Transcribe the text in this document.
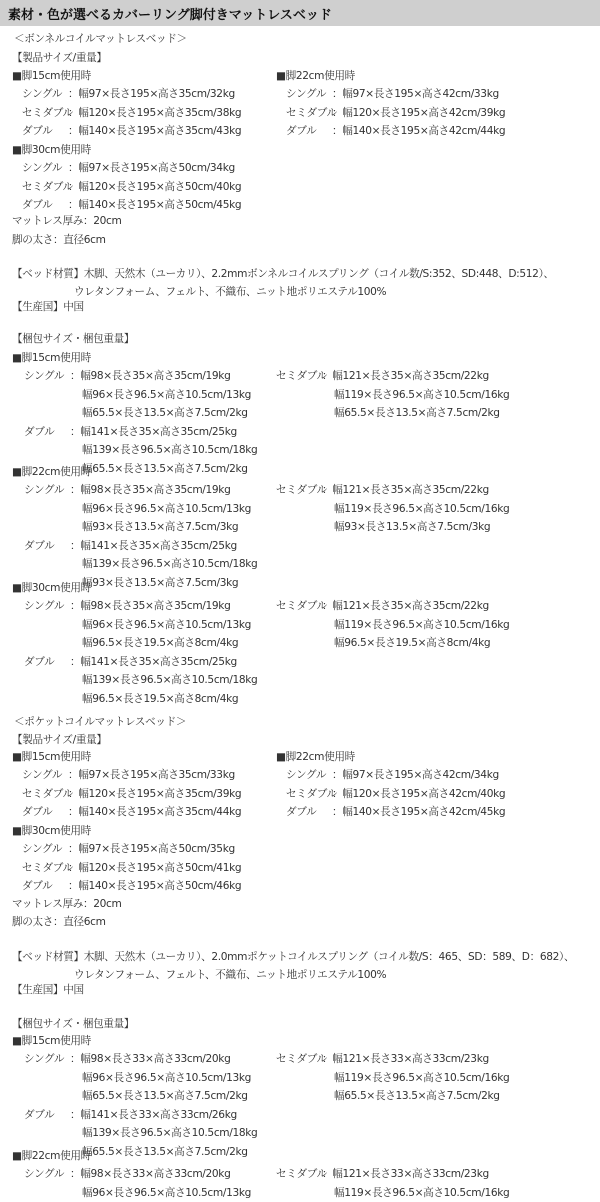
素材・色が選べるカバーリング脚付きマットレスベッド
＜ボンネルコイルマットレスベッド＞
【製品サイズ/重量】
■脚15cm使用時
シングル ：幅97×長さ195×高さ35cm/32kg
セミダブル
：幅120×長さ195×高さ35cm/38kg
ダブル ：幅140×長さ195×高さ35cm/43kg
■脚22cm使用時
シングル ：幅97×長さ195×高さ42cm/33kg
セミダブル
：幅120×長さ195×高さ42cm/39kg
ダブル ：幅140×長さ195×高さ42cm/44kg
■脚30cm使用時
シングル ：幅97×長さ195×高さ50cm/34kg
セミダブル
：幅120×長さ195×高さ50cm/40kg
ダブル ：幅140×長さ195×高さ50cm/45kg
マットレス厚み：20cm
脚の太さ：直径6cm
【ベッド材質】木脚、天然木（ユーカリ）、2.2mmボンネルコイルスプリング（コイル数/S:352、SD:448、D:512）、
ウレタンフォーム、フェルト、不織布、ニット地ポリエステル100%
【生産国】中国
【梱包サイズ・梱包重量】
■脚15cm使用時
シングル ：幅98×長さ35×高さ35cm/19kg
幅96×長さ96.5×高さ10.5cm/13kg
幅65.5×長さ13.5×高さ7.5cm/2kg
セミダブル
：幅121×長さ35×高さ35cm/22kg
幅119×長さ96.5×高さ10.5cm/16kg
幅65.5×長さ13.5×高さ7.5cm/2kg
ダブル ：幅141×長さ35×高さ35cm/25kg
幅139×長さ96.5×高さ10.5cm/18kg
幅65.5×長さ13.5×高さ7.5cm/2kg
■脚22cm使用時
シングル ：幅98×長さ35×高さ35cm/19kg
幅96×長さ96.5×高さ10.5cm/13kg
幅93×長さ13.5×高さ7.5cm/3kg
セミダブル
：幅121×長さ35×高さ35cm/22kg
幅119×長さ96.5×高さ10.5cm/16kg
幅93×長さ13.5×高さ7.5cm/3kg
ダブル ：幅141×長さ35×高さ35cm/25kg
幅139×長さ96.5×高さ10.5cm/18kg
幅93×長さ13.5×高さ7.5cm/3kg
■脚30cm使用時
シングル ：幅98×長さ35×高さ35cm/19kg
幅96×長さ96.5×高さ10.5cm/13kg
幅96.5×長さ19.5×高さ8cm/4kg
セミダブル
：幅121×長さ35×高さ35cm/22kg
幅119×長さ96.5×高さ10.5cm/16kg
幅96.5×長さ19.5×高さ8cm/4kg
ダブル ：幅141×長さ35×高さ35cm/25kg
幅139×長さ96.5×高さ10.5cm/18kg
幅96.5×長さ19.5×高さ8cm/4kg
＜ポケットコイルマットレスベッド＞
【製品サイズ/重量】
■脚15cm使用時
シングル ：幅97×長さ195×高さ35cm/33kg
セミダブル
：幅120×長さ195×高さ35cm/39kg
ダブル ：幅140×長さ195×高さ35cm/44kg
■脚22cm使用時
シングル ：幅97×長さ195×高さ42cm/34kg
セミダブル
：幅120×長さ195×高さ42cm/40kg
ダブル ：幅140×長さ195×高さ42cm/45kg
■脚30cm使用時
シングル ：幅97×長さ195×高さ50cm/35kg
セミダブル
：幅120×長さ195×高さ50cm/41kg
ダブル ：幅140×長さ195×高さ50cm/46kg
マットレス厚み：20cm
脚の太さ：直径6cm
【ベッド材質】木脚、天然木（ユーカリ）、2.0mmポケットコイルスプリング（コイル数/S：465、SD：589、D：682）、
ウレタンフォーム、フェルト、不織布、ニット地ポリエステル100%
【生産国】中国
【梱包サイズ・梱包重量】
■脚15cm使用時
シングル ：幅98×長さ33×高さ33cm/20kg
幅96×長さ96.5×高さ10.5cm/13kg
幅65.5×長さ13.5×高さ7.5cm/2kg
セミダブル
：幅121×長さ33×高さ33cm/23kg
幅119×長さ96.5×高さ10.5cm/16kg
幅65.5×長さ13.5×高さ7.5cm/2kg
ダブル ：幅141×長さ33×高さ33cm/26kg
幅139×長さ96.5×高さ10.5cm/18kg
幅65.5×長さ13.5×高さ7.5cm/2kg
■脚22cm使用時
シングル ：幅98×長さ33×高さ33cm/20kg
幅96×長さ96.5×高さ10.5cm/13kg
セミダブル
：幅121×長さ33×高さ33cm/23kg
幅119×長さ96.5×高さ10.5cm/16kg
